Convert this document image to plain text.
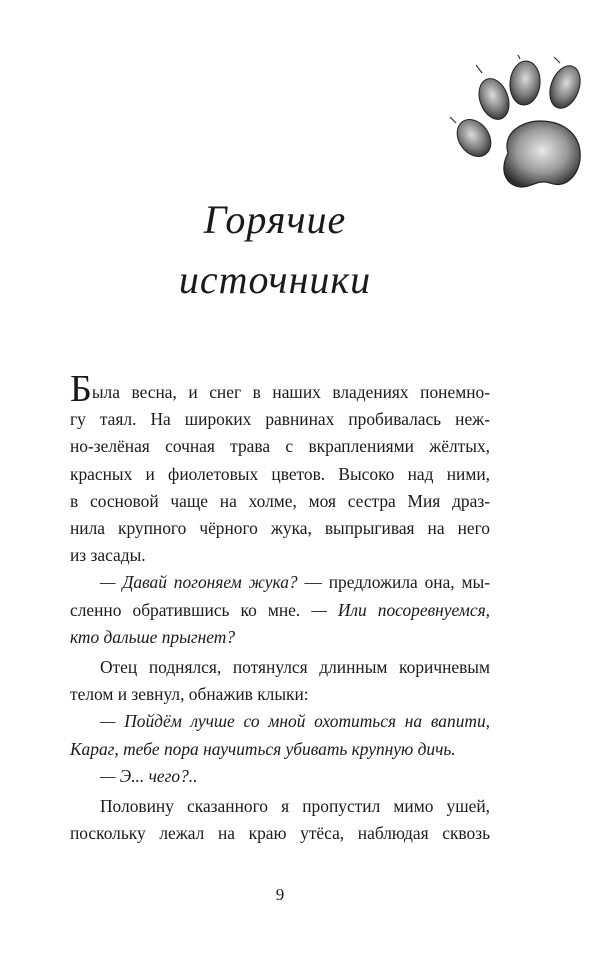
Горячие
источники
Была весна, и снег в наших владениях понемно-
гу таял. На широких равнинах пробивалась неж-
но-зелёная сочная трава с вкраплениями жёлтых,
красных и фиолетовых цветов. Высоко над ними,
в сосновой чаще на холме, моя сестра Мия драз-
нила крупного чёрного жука, выпрыгивая на него
из засады.
— Давай погоняем жука? — предложила она, мы-
сленно обратившись ко мне. — Или посоревнуемся,
кто дальше прыгнет?
Отец поднялся, потянулся длинным коричневым
телом и зевнул, обнажив клыки:
— Пойдём лучше со мной охотиться на вапити,
Караг, тебе пора научиться убивать крупную дичь.
— Э... чего?..
Половину сказанного я пропустил мимо ушей,
поскольку лежал на краю утёса, наблюдая сквозь
9
